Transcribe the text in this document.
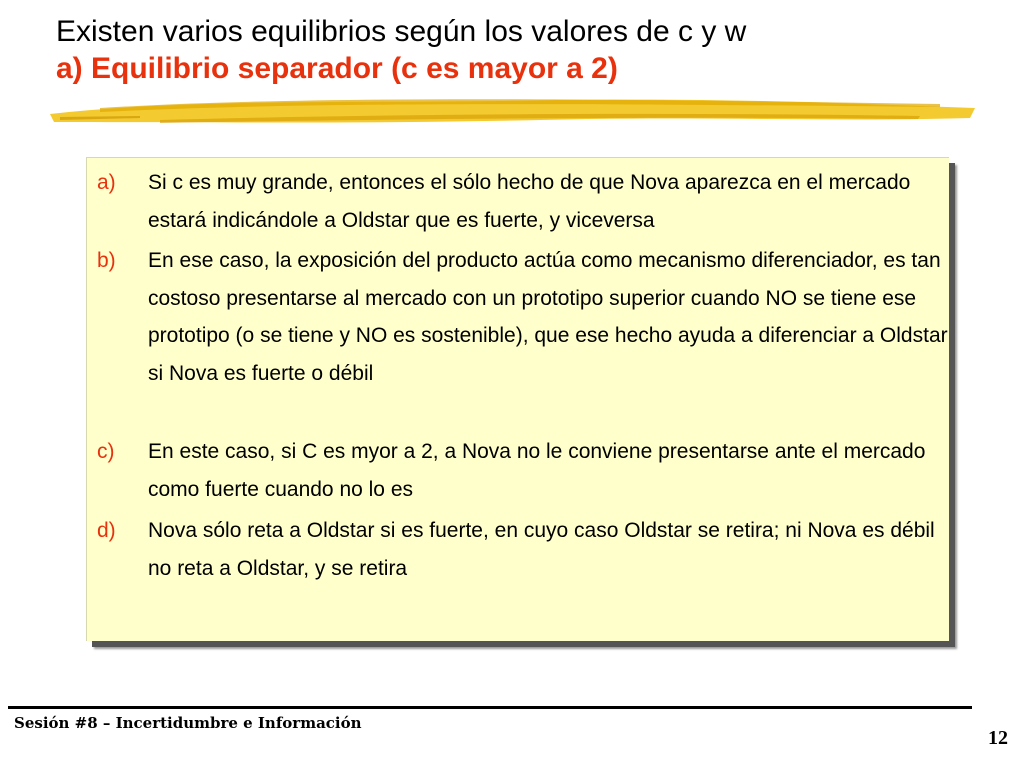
Existen varios equilibrios según los valores de c y w

a) Equilibrio separador (c es mayor a 2)

a) Si c es muy grande, entonces el sólo hecho de que Nova aparezca en el mercado estará indicándole a Oldstar que es fuerte, y viceversa
b) En ese caso, la exposición del producto actúa como mecanismo diferenciador, es tan costoso presentarse al mercado con un prototipo superior cuando NO se tiene ese prototipo (o se tiene y NO es sostenible), que ese hecho ayuda a diferenciar a Oldstar si Nova es fuerte o débil
c) En este caso, si C es myor a 2, a Nova no le conviene presentarse ante el mercado como fuerte cuando no lo es
d) Nova sólo reta a Oldstar si es fuerte, en cuyo caso Oldstar se retira; ni Nova es débil no reta a Oldstar, y se retira
Sesión #8 – Incertidumbre e Información
12
